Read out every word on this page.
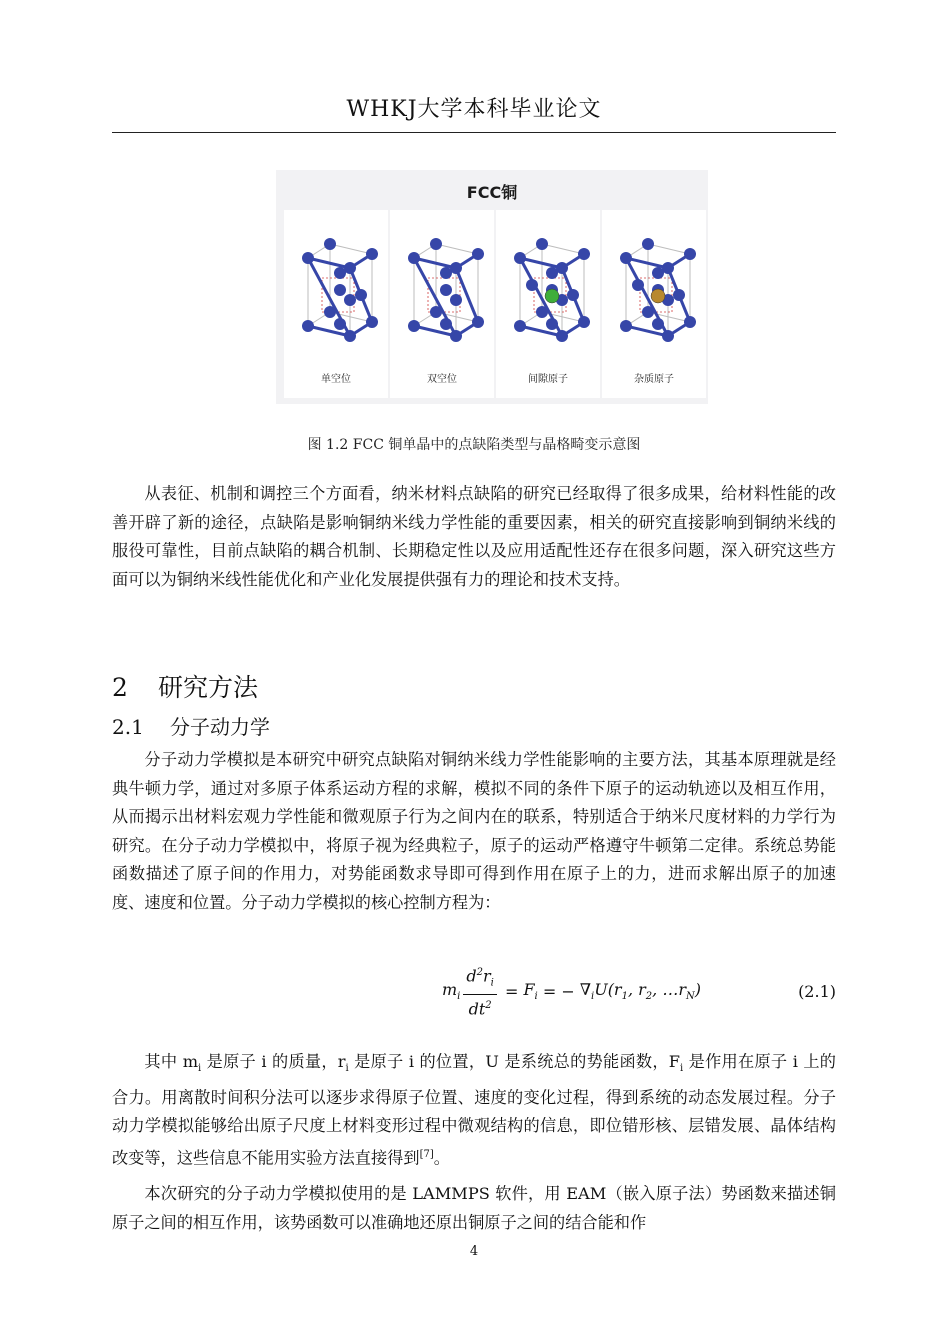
WHKJ大学本科毕业论文
FCC铜
单空位	双空位	间隙原子	杂质原子
图 1.2 FCC 铜单晶中的点缺陷类型与晶格畸变示意图

从表征、机制和调控三个方面看，纳米材料点缺陷的研究已经取得了很多成果，给材料性能的改善开辟了新的途径，点缺陷是影响铜纳米线力学性能的重要因素，相关的研究直接影响到铜纳米线的服役可靠性，目前点缺陷的耦合机制、长期稳定性以及应用适配性还存在很多问题，深入研究这些方面可以为铜纳米线性能优化和产业化发展提供强有力的理论和技术支持。

2 研究方法
2.1 分子动力学

分子动力学模拟是本研究中研究点缺陷对铜纳米线力学性能影响的主要方法，其基本原理就是经典牛顿力学，通过对多原子体系运动方程的求解，模拟不同的条件下原子的运动轨迹以及相互作用，从而揭示出材料宏观力学性能和微观原子行为之间内在的联系，特别适合于纳米尺度材料的力学行为研究。在分子动力学模拟中，将原子视为经典粒子，原子的运动严格遵守牛顿第二定律。系统总势能函数描述了原子间的作用力，对势能函数求导即可得到作用在原子上的力，进而求解出原子的加速度、速度和位置。分子动力学模拟的核心控制方程为：

$m_i \frac{d^2r_i}{dt^2} = F_i$ = − $\nabla_iU(r_1$, $r_2$, $\dots r_N$)	(2.1)

其中 $m_i$ 是原子 i 的质量，$r_i$ 是原子 i 的位置，U 是系统总的势能函数，$F_i$ 是作用在原子 i 上的合力。用离散时间积分法可以逐步求得原子位置、速度的变化过程，得到系统的动态发展过程。分子动力学模拟能够给出原子尺度上材料变形过程中微观结构的信息，即位错形核、层错发展、晶体结构改变等，这些信息不能用实验方法直接得到[7]。

本次研究的分子动力学模拟使用的是 LAMMPS 软件，用 EAM（嵌入原子法）势函数来描述铜原子之间的相互作用，该势函数可以准确地还原出铜原子之间的结合能和作

4
